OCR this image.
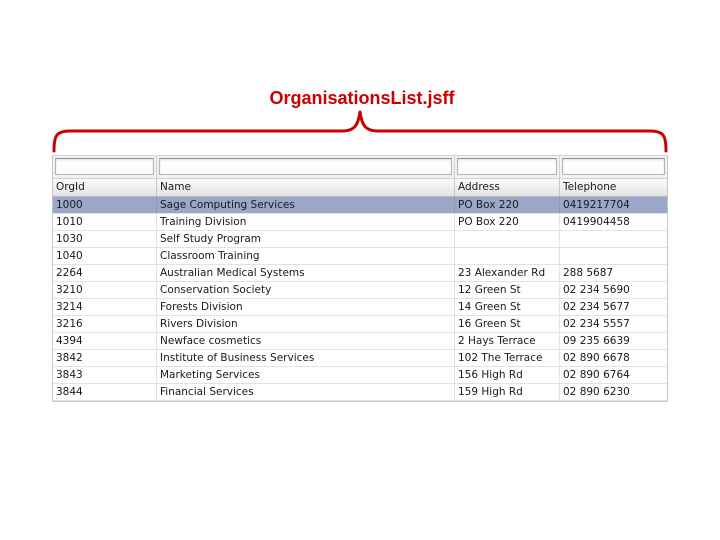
OrganisationsList.jsff
OrgId	Name	Address	Telephone
1000	Sage Computing Services	PO Box 220	0419217704
1010	Training Division	PO Box 220	0419904458
1030	Self Study Program
1040	Classroom Training
2264	Australian Medical Systems	23 Alexander Rd	288 5687
3210	Conservation Society	12 Green St	02 234 5690
3214	Forests Division	14 Green St	02 234 5677
3216	Rivers Division	16 Green St	02 234 5557
4394	Newface cosmetics	2 Hays Terrace	09 235 6639
3842	Institute of Business Services	102 The Terrace	02 890 6678
3843	Marketing Services	156 High Rd	02 890 6764
3844	Financial Services	159 High Rd	02 890 6230
